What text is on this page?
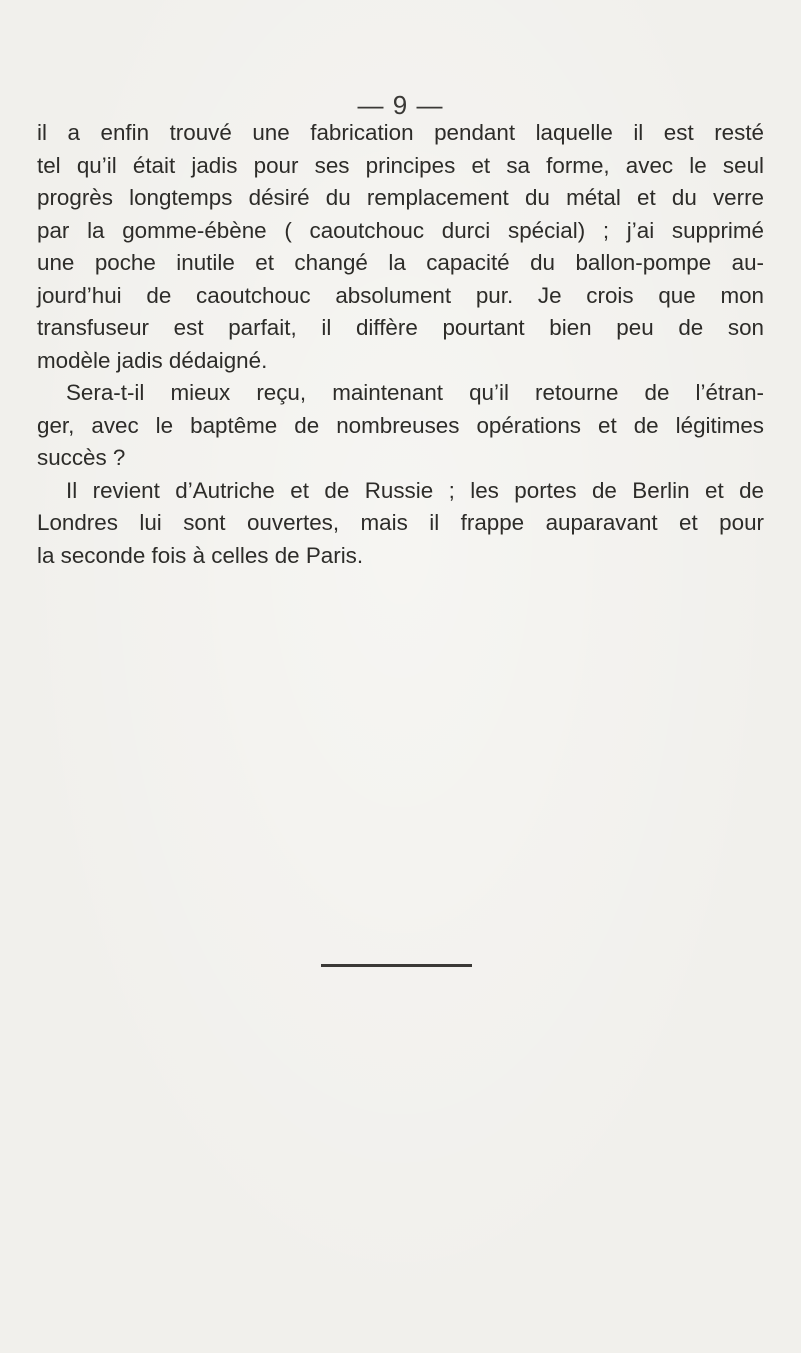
— 9 —
il a enfin trouvé une fabrication pendant laquelle il est resté
tel qu’il était jadis pour ses principes et sa forme, avec le seul
progrès longtemps désiré du remplacement du métal et du verre
par la gomme-ébène ( caoutchouc durci spécial) ; j’ai supprimé
une poche inutile et changé la capacité du ballon-pompe au-
jourd’hui de caoutchouc absolument pur. Je crois que mon
transfuseur est parfait, il diffère pourtant bien peu de son
modèle jadis dédaigné.
Sera-t-il mieux reçu, maintenant qu’il retourne de l’étran-
ger, avec le baptême de nombreuses opérations et de légitimes
succès ?
Il revient d’Autriche et de Russie ; les portes de Berlin et de
Londres lui sont ouvertes, mais il frappe auparavant et pour
la seconde fois à celles de Paris.
